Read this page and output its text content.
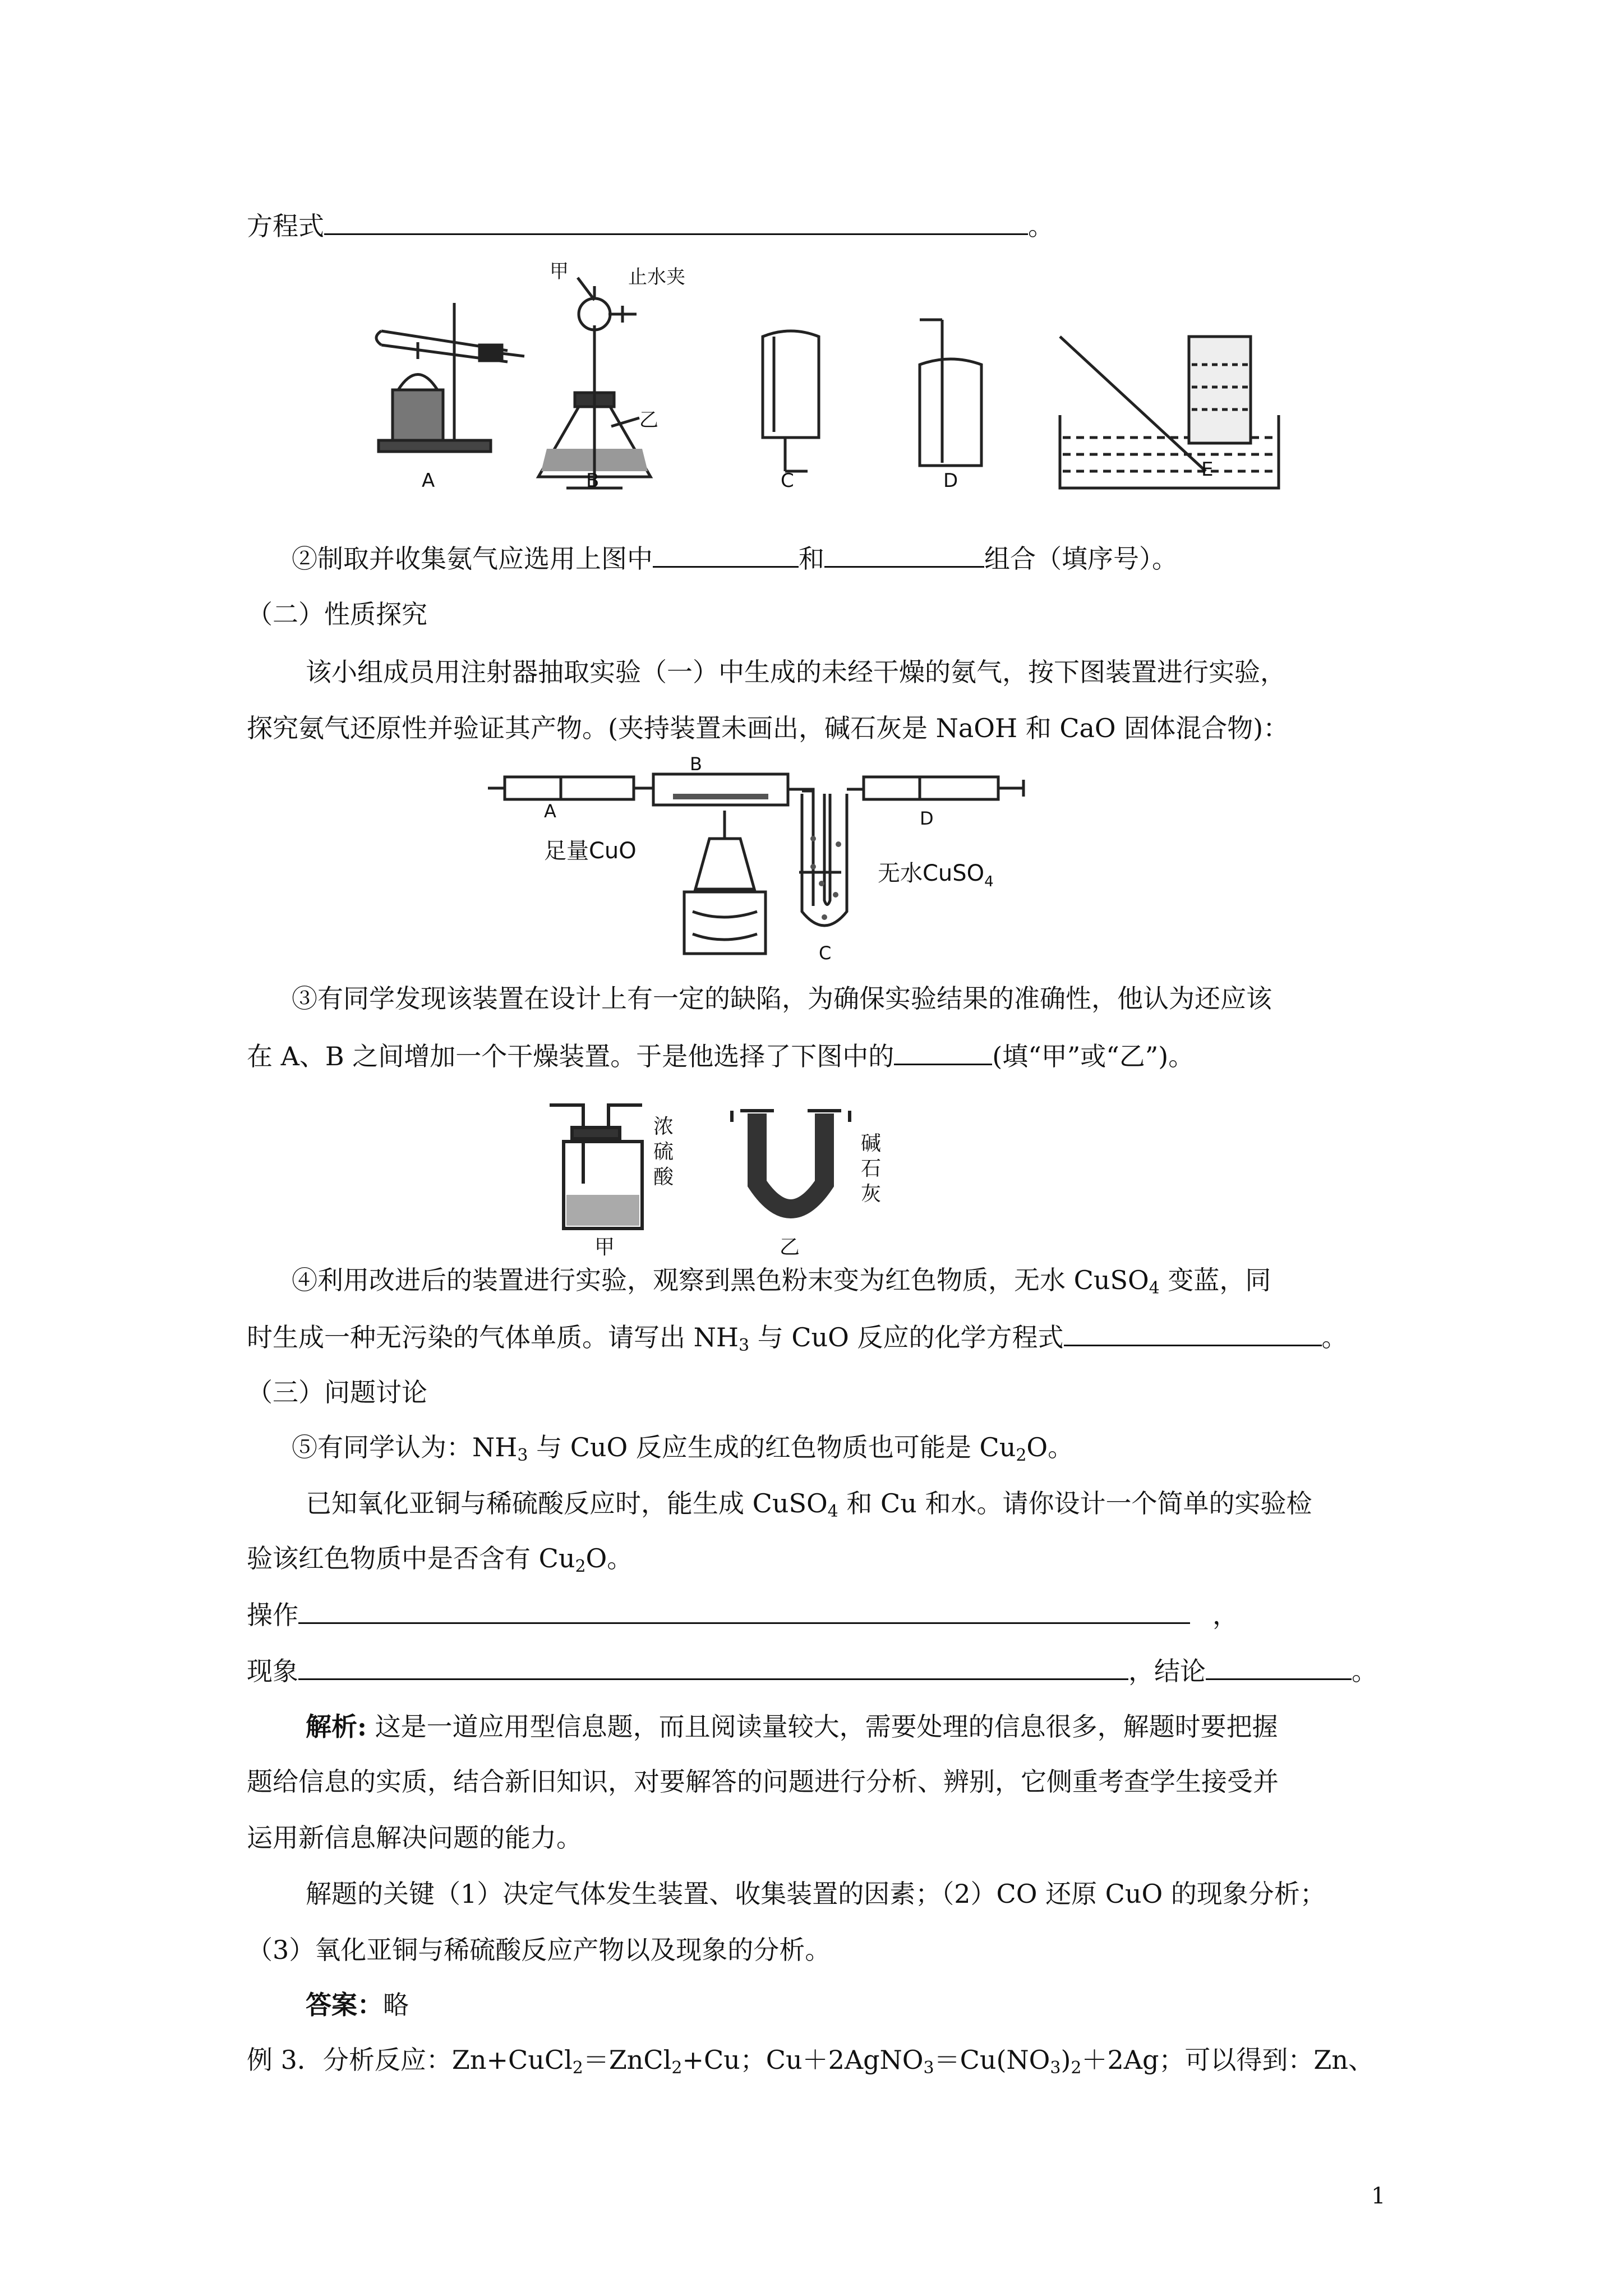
方程式	。
A	B	C	D	E
甲
乙
止水夹
②制取并收集氨气应选用上图中	和	组合（填序号）。
（二）性质探究
该小组成员用注射器抽取实验（一）中生成的未经干燥的氨气，按下图装置进行实验，
探究氨气还原性并验证其产物。(夹持装置未画出，碱石灰是 NaOH 和 CaO 固体混合物)：
A
B
C
D
足量CuO
无水CuSO$_4$
③有同学发现该装置在设计上有一定的缺陷，为确保实验结果的准确性，他认为还应该
在 A、B 之间增加一个干燥装置。于是他选择了下图中的	(填“甲”或“乙”)。
浓
硫
酸
碱
石
灰
甲	乙
④利用改进后的装置进行实验，观察到黑色粉末变为红色物质，无水 CuSO$_4$ 变蓝，同
时生成一种无污染的气体单质。请写出 $NH_3$ 与 CuO 反应的化学方程式	。
（三）问题讨论
⑤有同学认为：$NH_3$ 与 CuO 反应生成的红色物质也可能是 $Cu_2O$。
已知氧化亚铜与稀硫酸反应时，能生成 CuSO$_4$ 和 Cu 和水。请你设计一个简单的实验检
验该红色物质中是否含有 $Cu_2O$。
操作	，
现象	，结论	。
解析: 这是一道应用型信息题，而且阅读量较大，需要处理的信息很多，解题时要把握
题给信息的实质，结合新旧知识，对要解答的问题进行分析、辨别，它侧重考查学生接受并
运用新信息解决问题的能力。
解题的关键（1）决定气体发生装置、收集装置的因素；（2）CO 还原 CuO 的现象分析；
（3）氧化亚铜与稀硫酸反应产物以及现象的分析。
答案：略
例 3．分析反应：Zn+CuCl$_2$＝ZnCl$_2$+Cu；$Cu+2AgNO_3=Cu(NO_3)_2+2Ag$；可以得到：Zn、
1
